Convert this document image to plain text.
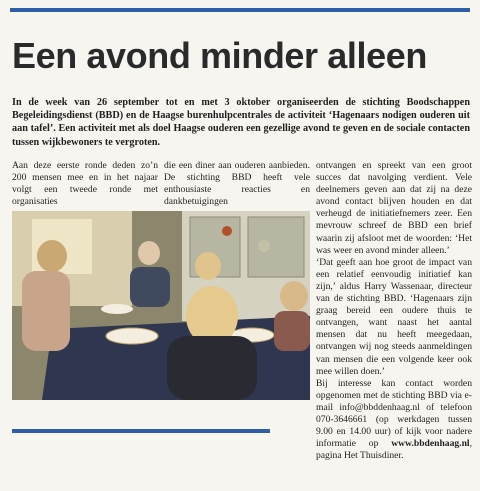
Een avond minder alleen

In de week van 26 september tot en met 3 oktober organiseerden de stichting Boodschappen Begeleidingsdienst (BBD) en de Haagse burenhulpcentrales de activiteit ‘Hagenaars nodigen ouderen uit aan tafel’. Een activiteit met als doel Haagse ouderen een gezellige avond te geven en de sociale contacten tussen wijkbewoners te vergroten.

Aan deze eerste ronde deden zo’n 200 mensen mee en in het najaar volgt een tweede ronde met organisaties

die een diner aan ouderen aanbieden. De stichting BBD heeft vele enthousiaste reacties en dankbetuigingen

ontvangen en spreekt van een groot succes dat navolging verdient. Vele deelnemers geven aan dat zij na deze avond contact blijven houden en dat verheugd de initiatiefnemers zeer. Een mevrouw schreef de BBD een brief waarin zij afsloot met de woorden: ‘Het was weer en avond minder alleen.’

‘Dat geeft aan hoe groot de impact van een relatief eenvoudig initiatief kan zijn,’ aldus Harry Wassenaar, directeur van de stichting BBD. ‘Hagenaars zijn graag bereid een oudere thuis te ontvangen, want naast het aantal mensen dat nu heeft meegedaan, ontvangen wij nog steeds aanmeldingen van mensen die een volgende keer ook mee willen doen.’

Bij interesse kan contact worden opgenomen met de stichting BBD via e-mail info@bbddenhaag.nl of telefoon 070-3646661 (op werkdagen tussen 9.00 en 14.00 uur) of kijk voor nadere informatie op www.bbdenhaag.nl, pagina Het Thuisdiner.
